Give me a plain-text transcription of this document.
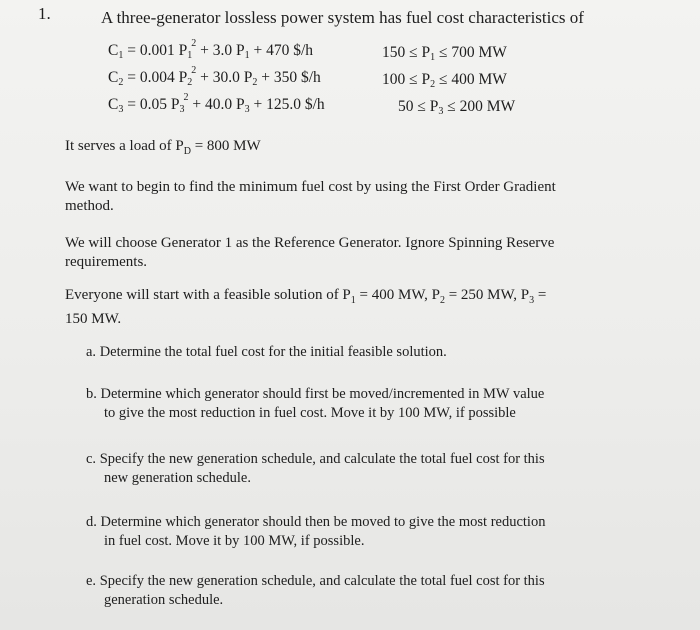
1.	A three-generator lossless power system has fuel cost characteristics of
$C_1 = 0.001$ $P_1^2 + 3.0$ $P_1 + 470$ $/h	$150 \le P_1 \le 700$ MW
$C_2 = 0.004$ $P_2^2 + 30.0$ $P_2 + 350$ $/h	$100 \le P_2 \le 400$ MW
$C_3 = 0.05$ $P_3^2 + 40.0$ $P_3 + 125.0$ $/h	$50 \le P_3 \le 200$ MW
It serves a load of $P_D = 800$ MW
We want to begin to find the minimum fuel cost by using the First Order Gradient
method.
We will choose Generator 1 as the Reference Generator. Ignore Spinning Reserve
requirements.
Everyone will start with a feasible solution of $P_1 = 400$ MW, $P_2 = 250$ MW, $P_3$ =
150 MW.
a. Determine the total fuel cost for the initial feasible solution.
b. Determine which generator should first be moved/incremented in MW value
to give the most reduction in fuel cost. Move it by 100 MW, if possible
c. Specify the new generation schedule, and calculate the total fuel cost for this
new generation schedule.
d. Determine which generator should then be moved to give the most reduction
in fuel cost. Move it by 100 MW, if possible.
e. Specify the new generation schedule, and calculate the total fuel cost for this
generation schedule.
